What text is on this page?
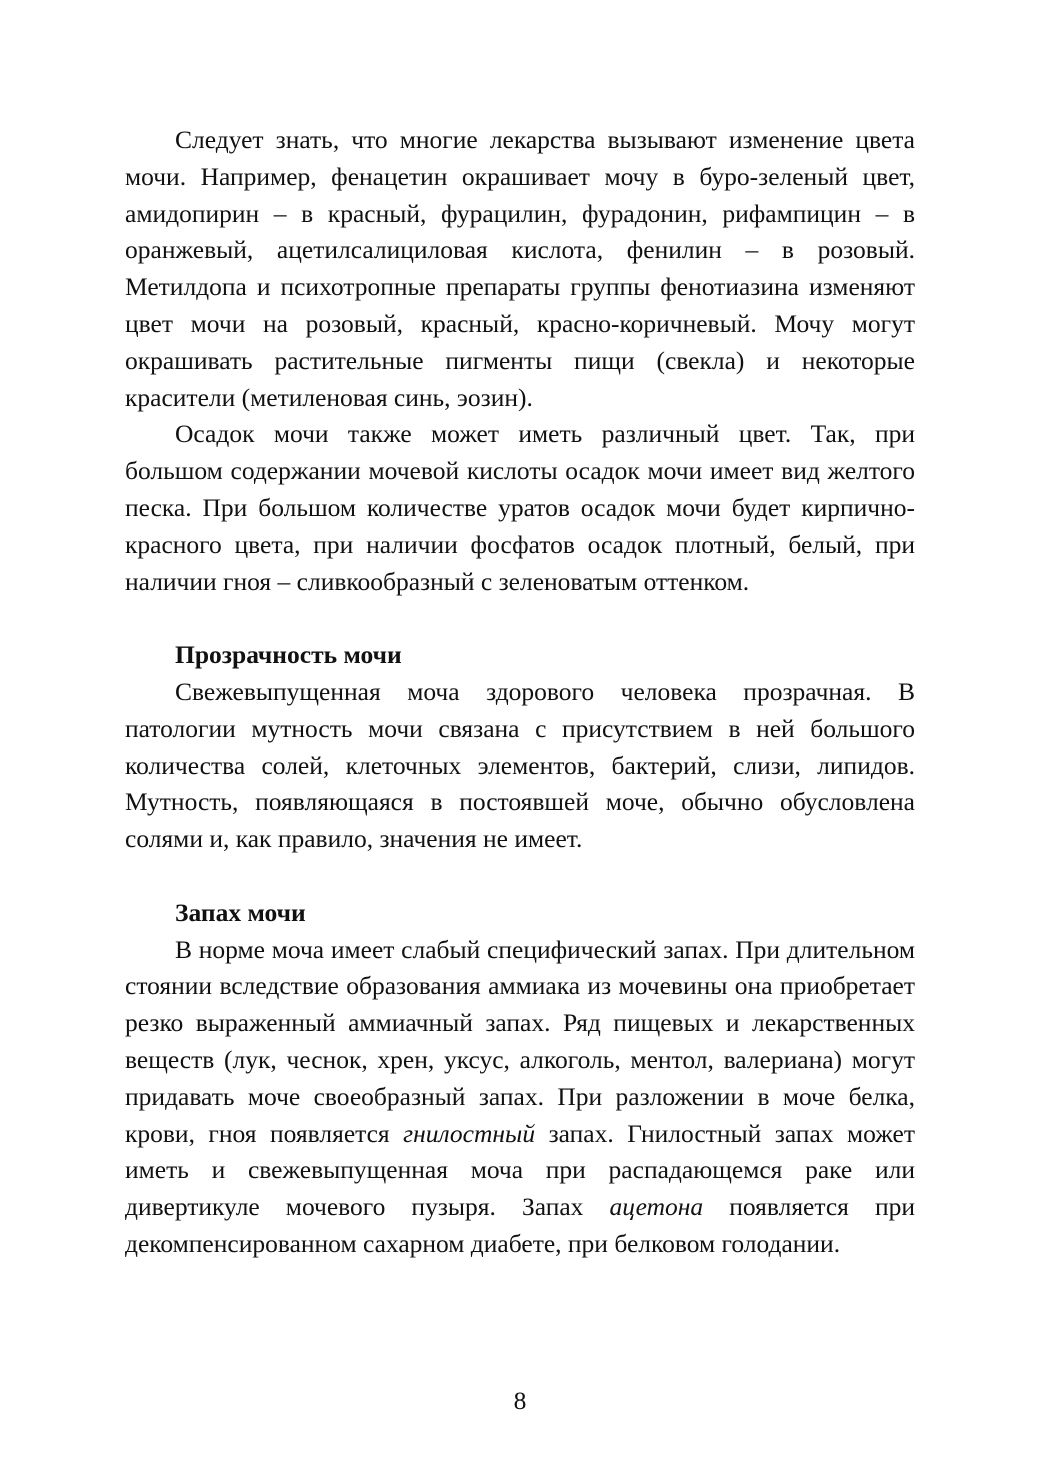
Следует знать, что многие лекарства вызывают изменение цвета мочи. Например, фенацетин окрашивает мочу в буро-зеленый цвет, амидопирин – в красный, фурацилин, фурадонин, рифампицин – в оранжевый, ацетилсалициловая кислота, фенилин – в розовый. Метилдопа и психотропные препараты группы фенотиазина изменяют цвет мочи на розовый, красный, красно-коричневый. Мочу могут окрашивать растительные пигменты пищи (свекла) и некоторые красители (метиленовая синь, эозин).

Осадок мочи также может иметь различный цвет. Так, при большом содержании мочевой кислоты осадок мочи имеет вид желтого песка. При большом количестве уратов осадок мочи будет кирпично-красного цвета, при наличии фосфатов осадок плотный, белый, при наличии гноя – сливкообразный с зеленоватым оттенком.

Прозрачность мочи

Свежевыпущенная моча здорового человека прозрачная. В патологии мутность мочи связана с присутствием в ней большого количества солей, клеточных элементов, бактерий, слизи, липидов. Мутность, появляющаяся в постоявшей моче, обычно обусловлена солями и, как правило, значения не имеет.

Запах мочи

В норме моча имеет слабый специфический запах. При длительном стоянии вследствие образования аммиака из мочевины она приобретает резко выраженный аммиачный запах. Ряд пищевых и лекарственных веществ (лук, чеснок, хрен, уксус, алкоголь, ментол, валериана) могут придавать моче своеобразный запах. При разложении в моче белка, крови, гноя появляется гнилостный запах. Гнилостный запах может иметь и свежевыпущенная моча при распадающемся раке или дивертикуле мочевого пузыря. Запах ацетона появляется при декомпенсированном сахарном диабете, при белковом голодании.

8
